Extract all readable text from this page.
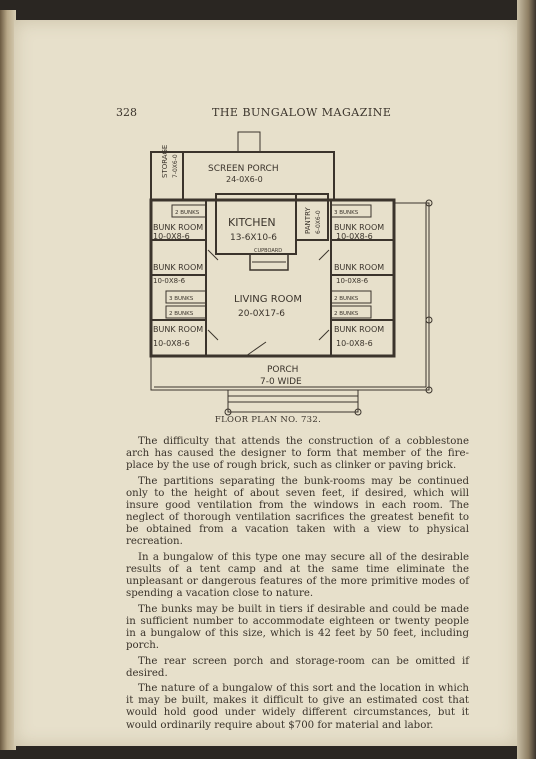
328	THE BUNGALOW MAGAZINE
STORAGE 7-0X6-0	SCREEN PORCH
24-0X6-0
PANTRY 6-0X6-0
KITCHEN
13-6X10-6
CUPBOARD
2 BUNKS
BUNK ROOM
10-0X8-6
BUNK ROOM
10-0X8-6
3 BUNKS
2 BUNKS
BUNK ROOM
10-0X8-6
3 BUNKS
BUNK ROOM
10-0X8-6
BUNK ROOM
10-0X8-6
2 BUNKS
2 BUNKS
BUNK ROOM
10-0X8-6
LIVING ROOM
20-0X17-6
PORCH
7-0 WIDE
FLOOR PLAN NO. 732.

The difficulty that attends the construction of a cobblestone arch has caused the designer to form that member of the fire-place by the use of rough brick, such as clinker or paving brick.

The partitions separating the bunk-rooms may be continued only to the height of about seven feet, if desired, which will insure good ventilation from the windows in each room. The neglect of thorough ventilation sacrifices the greatest benefit to be obtained from a vacation taken with a view to physical recreation.

In a bungalow of this type one may secure all of the desirable results of a tent camp and at the same time eliminate the unpleasant or dangerous features of the more primitive modes of spending a vacation close to nature.

The bunks may be built in tiers if desirable and could be made in sufficient number to accommodate eighteen or twenty people in a bungalow of this size, which is 42 feet by 50 feet, including porch.

The rear screen porch and storage-room can be omitted if desired.

The nature of a bungalow of this sort and the location in which it may be built, makes it difficult to give an estimated cost that would hold good under widely different circumstances, but it would ordinarily require about $700 for material and labor.
